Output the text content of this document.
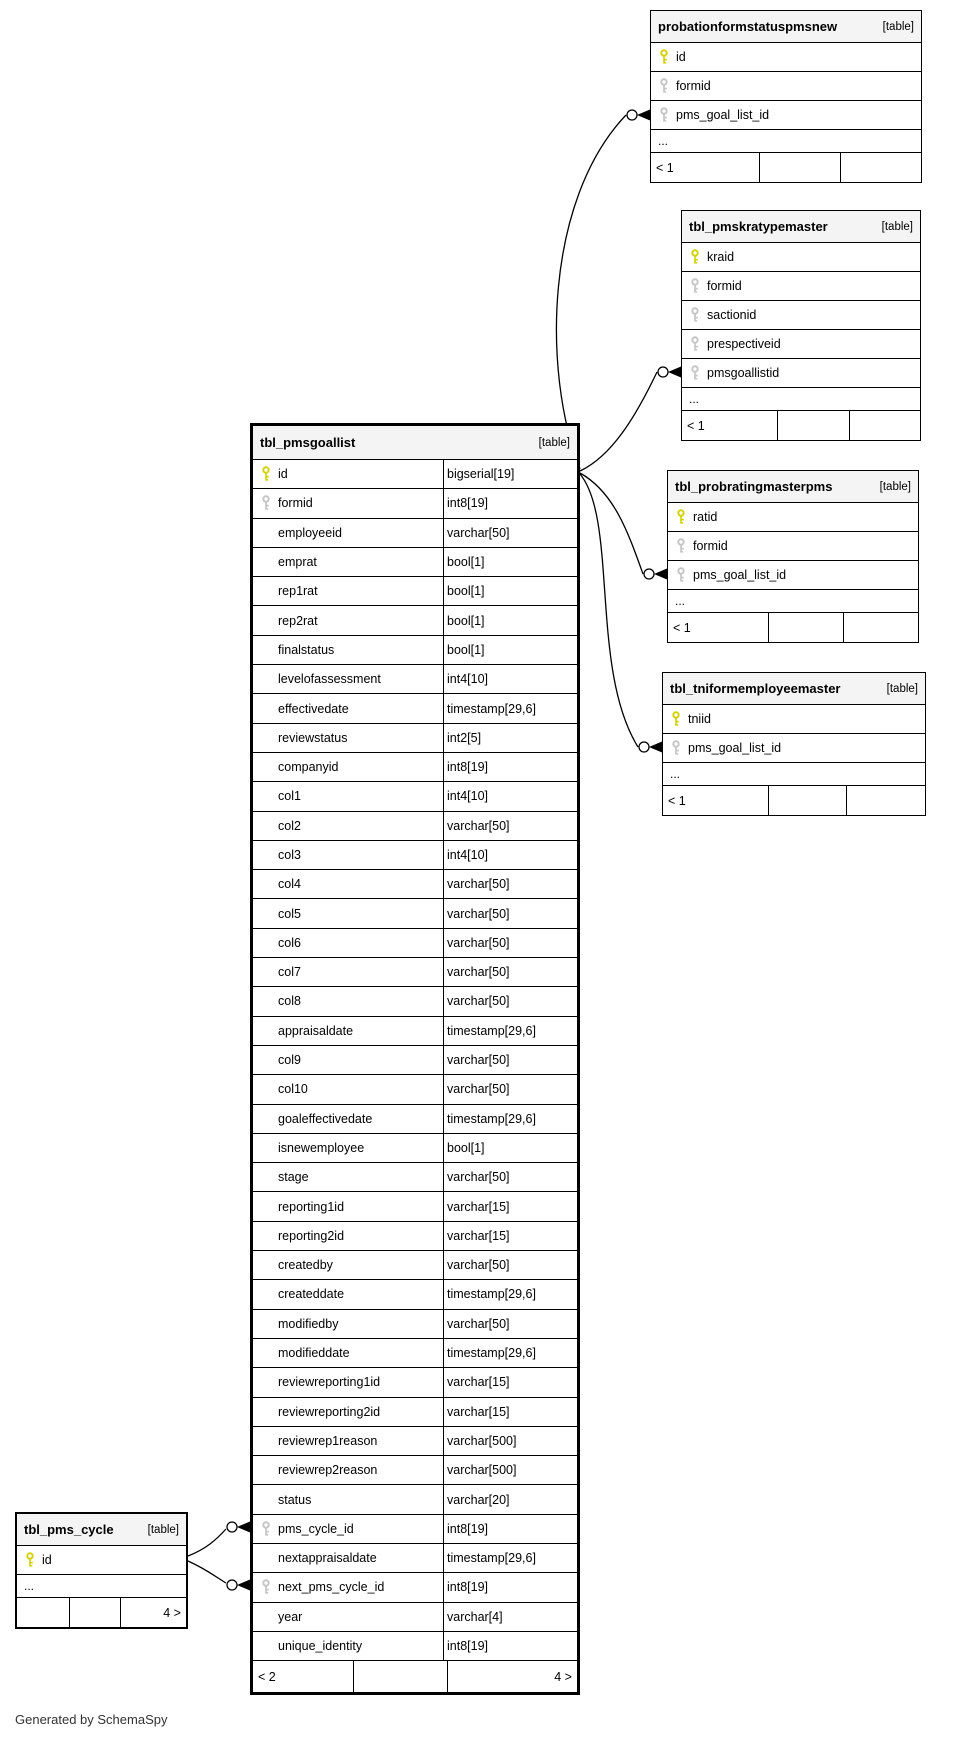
tbl_pmsgoallist	[table]
id	bigserial[19]
formid	int8[19]
employeeid	varchar[50]
emprat	bool[1]
rep1rat	bool[1]
rep2rat	bool[1]
finalstatus	bool[1]
levelofassessment	int4[10]
effectivedate	timestamp[29,6]
reviewstatus	int2[5]
companyid	int8[19]
col1	int4[10]
col2	varchar[50]
col3	int4[10]
col4	varchar[50]
col5	varchar[50]
col6	varchar[50]
col7	varchar[50]
col8	varchar[50]
appraisaldate	timestamp[29,6]
col9	varchar[50]
col10	varchar[50]
goaleffectivedate	timestamp[29,6]
isnewemployee	bool[1]
stage	varchar[50]
reporting1id	varchar[15]
reporting2id	varchar[15]
createdby	varchar[50]
createddate	timestamp[29,6]
modifiedby	varchar[50]
modifieddate	timestamp[29,6]
reviewreporting1id	varchar[15]
reviewreporting2id	varchar[15]
reviewrep1reason	varchar[500]
reviewrep2reason	varchar[500]
status	varchar[20]
pms_cycle_id	int8[19]
nextappraisaldate	timestamp[29,6]
next_pms_cycle_id	int8[19]
year	varchar[4]
unique_identity	int8[19]
< 2	4 >
probationformstatuspmsnew	[table]
id
formid
pms_goal_list_id
...
< 1
tbl_pmskratypemaster	[table]
kraid
formid
sactionid
prespectiveid
pmsgoallistid
...
< 1
tbl_probratingmasterpms	[table]
ratid
formid
pms_goal_list_id
...
< 1
tbl_tniformemployeemaster	[table]
tniid
pms_goal_list_id
...
< 1
tbl_pms_cycle	[table]
id
...
4 >
Generated by SchemaSpy
